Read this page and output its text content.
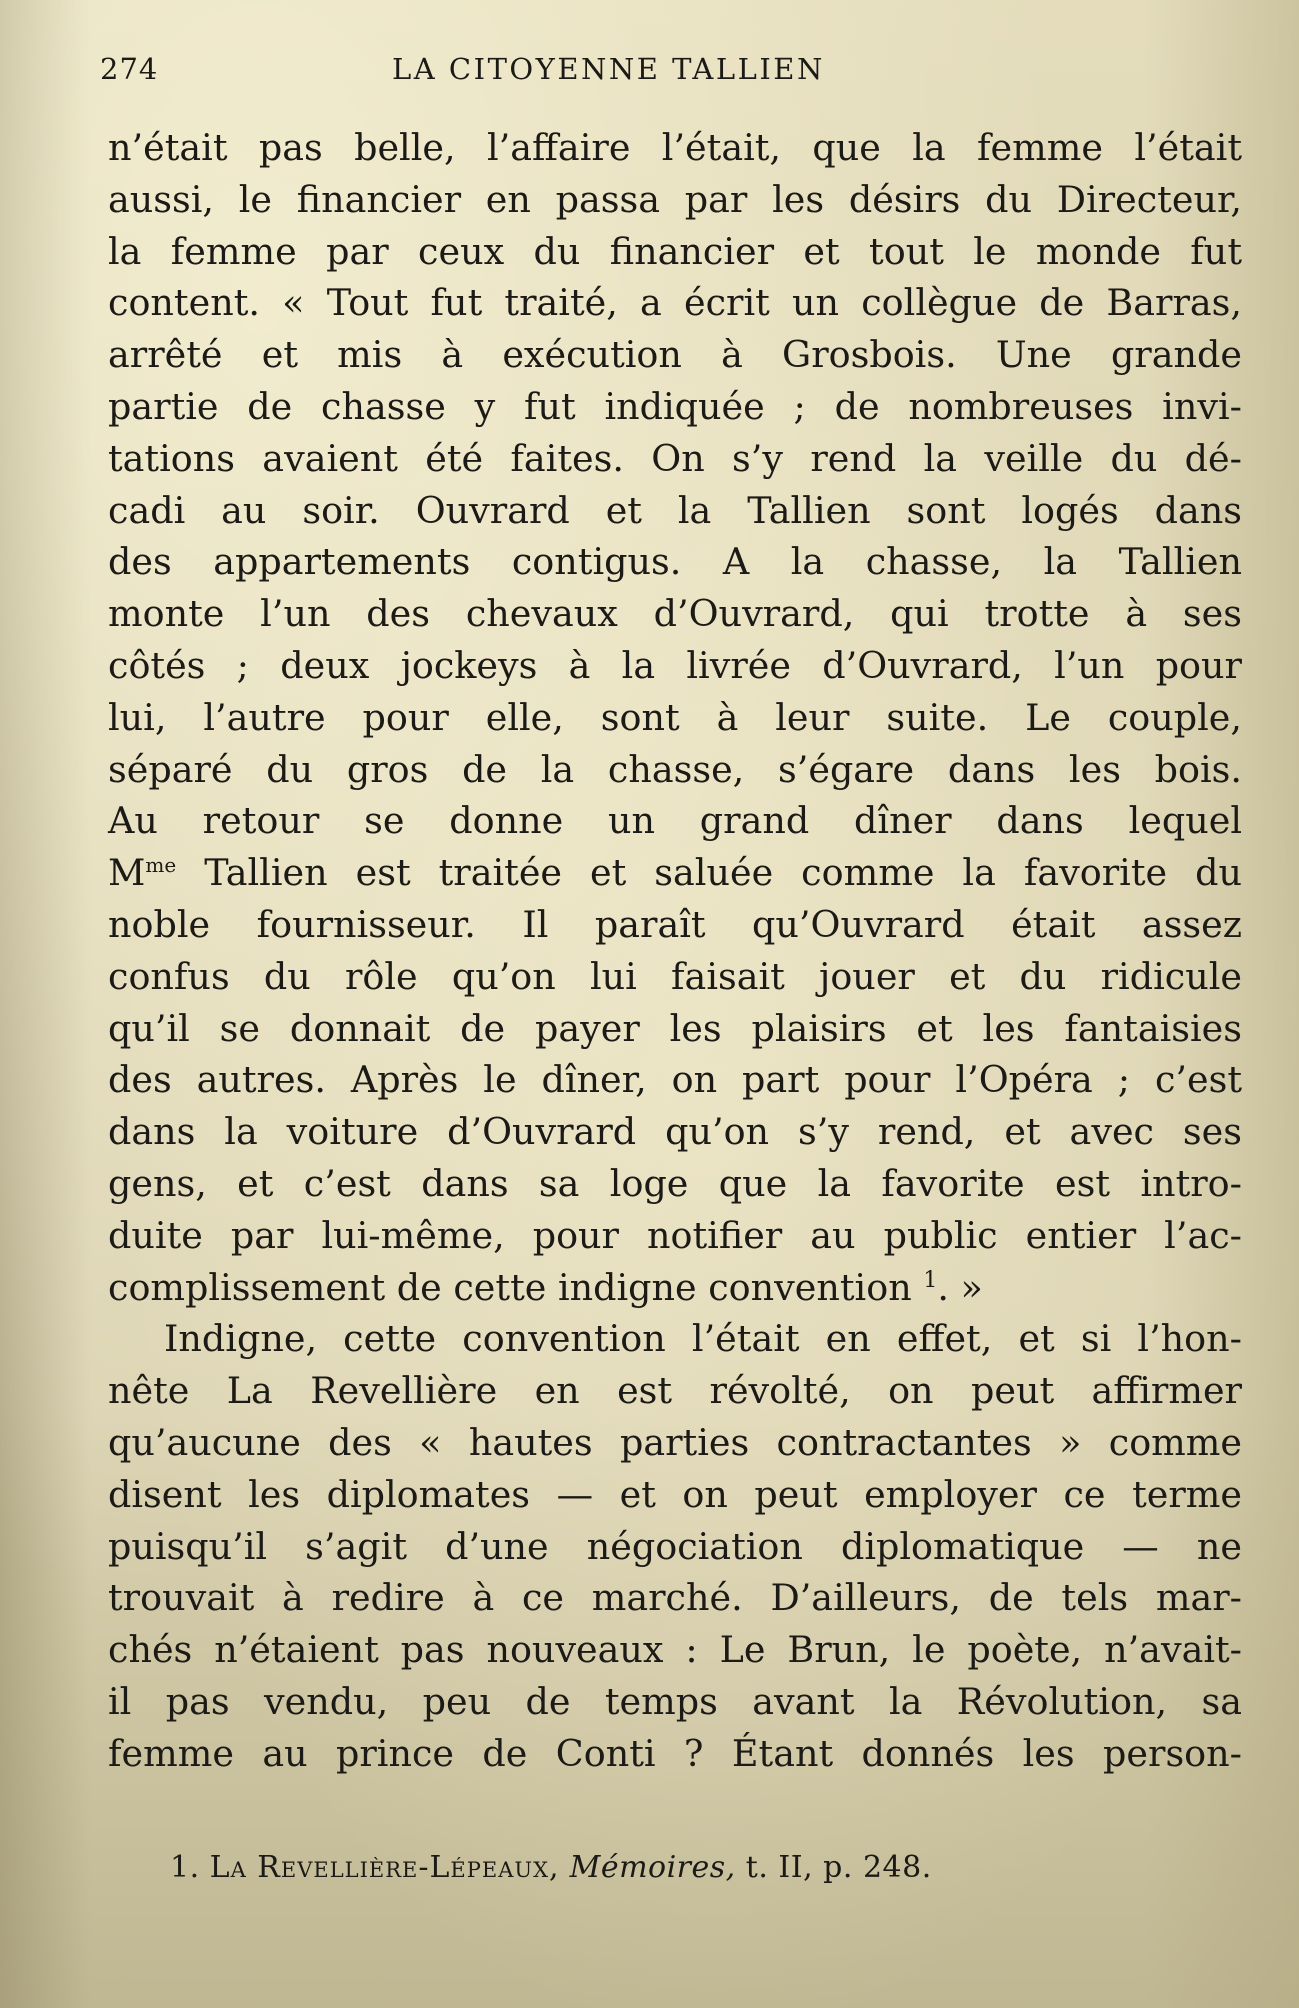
274	LA CITOYENNE TALLIEN
n’était pas belle, l’affaire l’était, que la femme l’était
aussi, le financier en passa par les désirs du Directeur,
la femme par ceux du financier et tout le monde fut
content. « Tout fut traité, a écrit un collègue de Barras,
arrêté et mis à exécution à Grosbois. Une grande
partie de chasse y fut indiquée ; de nombreuses invi-
tations avaient été faites. On s’y rend la veille du dé-
cadi au soir. Ouvrard et la Tallien sont logés dans
des appartements contigus. A la chasse, la Tallien
monte l’un des chevaux d’Ouvrard, qui trotte à ses
côtés ; deux jockeys à la livrée d’Ouvrard, l’un pour
lui, l’autre pour elle, sont à leur suite. Le couple,
séparé du gros de la chasse, s’égare dans les bois.
Au retour se donne un grand dîner dans lequel
$M^{me}$ Tallien est traitée et saluée comme la favorite du
noble fournisseur. Il paraît qu’Ouvrard était assez
confus du rôle qu’on lui faisait jouer et du ridicule
qu’il se donnait de payer les plaisirs et les fantaisies
des autres. Après le dîner, on part pour l’Opéra ; c’est
dans la voiture d’Ouvrard qu’on s’y rend, et avec ses
gens, et c’est dans sa loge que la favorite est intro-
duite par lui-même, pour notifier au public entier l’ac-
complissement de cette indigne convention $^1$. »
Indigne, cette convention l’était en effet, et si l’hon-
nête La Revellière en est révolté, on peut affirmer
qu’aucune des « hautes parties contractantes » comme
disent les diplomates — et on peut employer ce terme
puisqu’il s’agit d’une négociation diplomatique — ne
trouvait à redire à ce marché. D’ailleurs, de tels mar-
chés n’étaient pas nouveaux : Le Brun, le poète, n’avait-
il pas vendu, peu de temps avant la Révolution, sa
femme au prince de Conti ? Étant donnés les person-
1. La Revellière-Lépeaux, Mémoires, t. II, p. 248.
